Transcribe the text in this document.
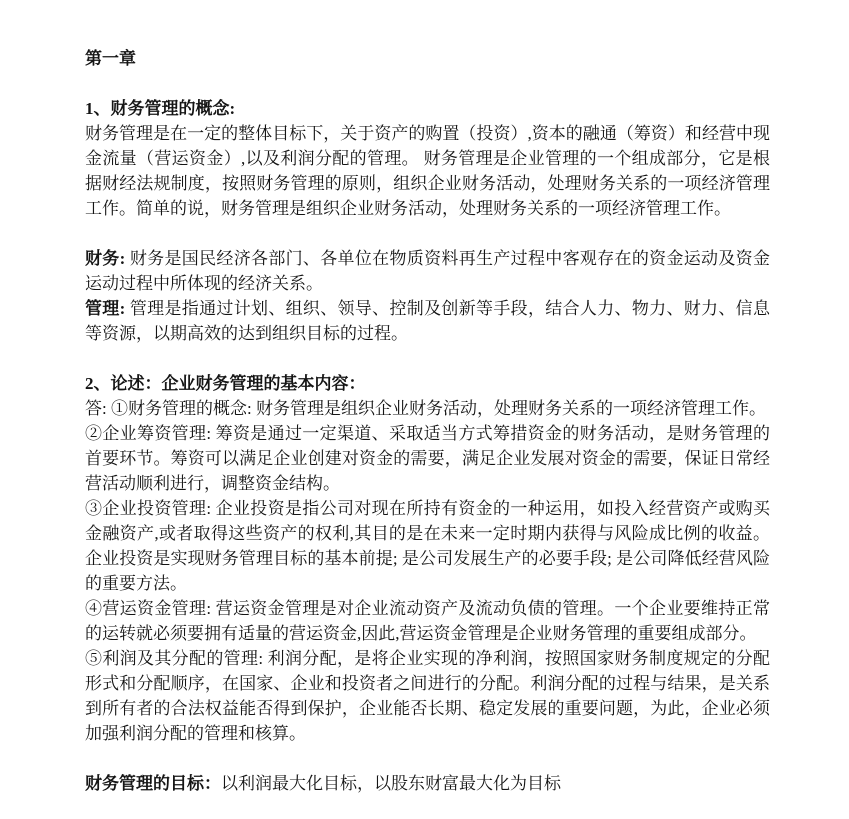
第一章

1、财务管理的概念:

财务管理是在一定的整体目标下，关于资产的购置（投资）,资本的融通（筹资）和经营中现金流量（营运资金）,以及利润分配的管理。 财务管理是企业管理的一个组成部分，它是根据财经法规制度，按照财务管理的原则，组织企业财务活动，处理财务关系的一项经济管理工作。简单的说，财务管理是组织企业财务活动，处理财务关系的一项经济管理工作。

财务: 财务是国民经济各部门、各单位在物质资料再生产过程中客观存在的资金运动及资金运动过程中所体现的经济关系。

管理: 管理是指通过计划、组织、领导、控制及创新等手段，结合人力、物力、财力、信息等资源，以期高效的达到组织目标的过程。

2、论述：企业财务管理的基本内容：

答: ①财务管理的概念: 财务管理是组织企业财务活动，处理财务关系的一项经济管理工作。

②企业筹资管理: 筹资是通过一定渠道、采取适当方式筹措资金的财务活动，是财务管理的首要环节。筹资可以满足企业创建对资金的需要，满足企业发展对资金的需要，保证日常经营活动顺利进行，调整资金结构。

③企业投资管理: 企业投资是指公司对现在所持有资金的一种运用，如投入经营资产或购买金融资产,或者取得这些资产的权利,其目的是在未来一定时期内获得与风险成比例的收益。企业投资是实现财务管理目标的基本前提; 是公司发展生产的必要手段; 是公司降低经营风险的重要方法。

④营运资金管理: 营运资金管理是对企业流动资产及流动负债的管理。一个企业要维持正常的运转就必须要拥有适量的营运资金,因此,营运资金管理是企业财务管理的重要组成部分。

⑤利润及其分配的管理: 利润分配，是将企业实现的净利润，按照国家财务制度规定的分配形式和分配顺序，在国家、企业和投资者之间进行的分配。利润分配的过程与结果，是关系到所有者的合法权益能否得到保护，企业能否长期、稳定发展的重要问题，为此，企业必须加强利润分配的管理和核算。

财务管理的目标：以利润最大化目标，以股东财富最大化为目标
